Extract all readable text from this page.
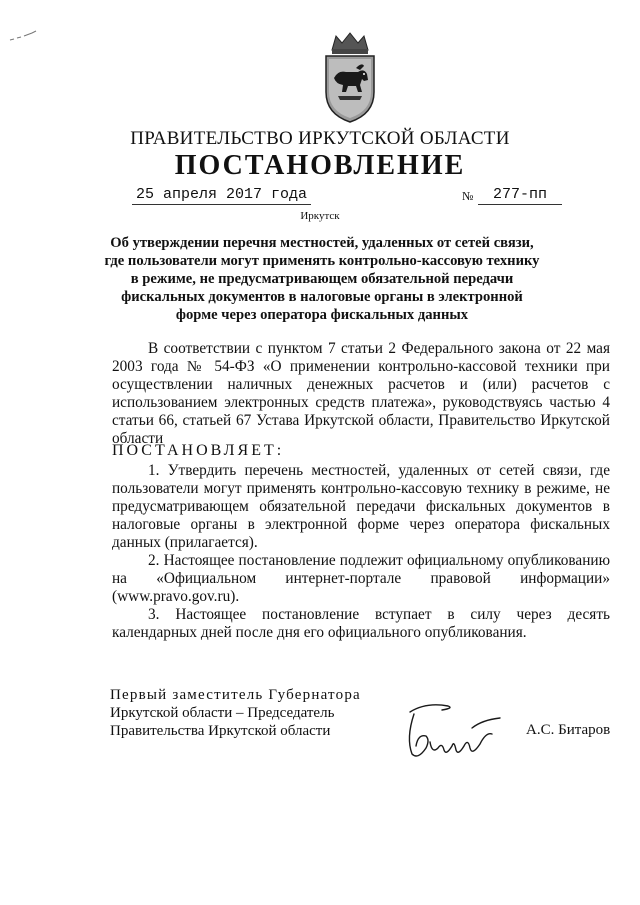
ПРАВИТЕЛЬСТВО ИРКУТСКОЙ ОБЛАСТИ
ПОСТАНОВЛЕНИЕ
25 апреля 2017 года	№	277-пп
Иркутск
Об утверждении перечня местностей, удаленных от сетей связи, где пользователи могут применять контрольно-кассовую технику в режиме, не предусматривающем обязательной передачи фискальных документов в налоговые органы в электронной форме через оператора фискальных данных

В соответствии с пунктом 7 статьи 2 Федерального закона от 22 мая 2003 года № 54-ФЗ «О применении контрольно-кассовой техники при осуществлении наличных денежных расчетов и (или) расчетов с использованием электронных средств платежа», руководствуясь частью 4 статьи 66, статьей 67 Устава Иркутской области, Правительство Иркутской области

ПОСТАНОВЛЯЕТ:

1. Утвердить перечень местностей, удаленных от сетей связи, где пользователи могут применять контрольно-кассовую технику в режиме, не предусматривающем обязательной передачи фискальных документов в налоговые органы в электронной форме через оператора фискальных данных (прилагается).

2. Настоящее постановление подлежит официальному опубликованию на «Официальном интернет-портале правовой информации» (www.pravo.gov.ru).

3. Настоящее постановление вступает в силу через десять календарных дней после дня его официального опубликования.

Первый заместитель Губернатора
Иркутской области – Председатель
Правительства Иркутской области	А.С. Битаров
